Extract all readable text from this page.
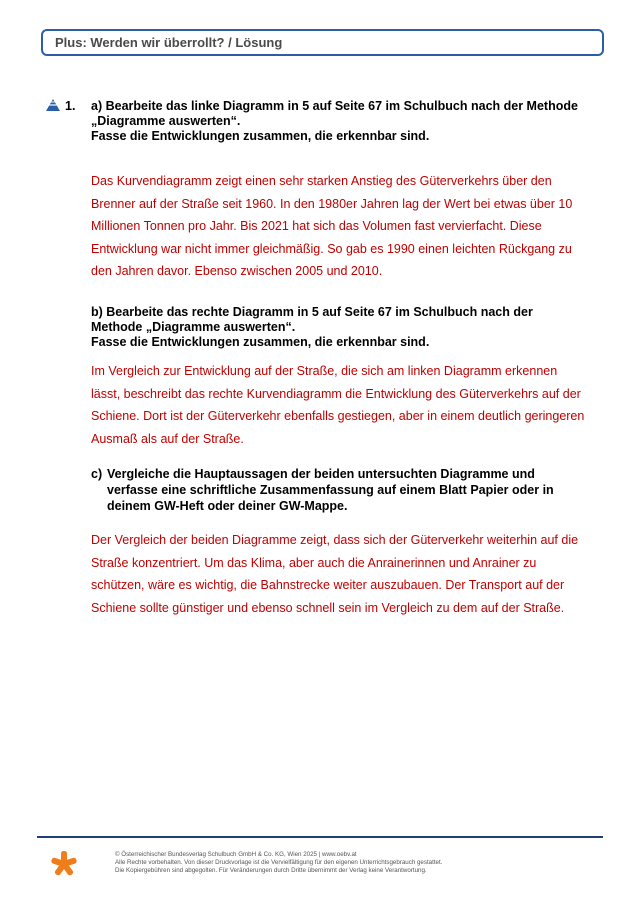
Plus: Werden wir überrollt? / Lösung
1. a) Bearbeite das linke Diagramm in 5 auf Seite 67 im Schulbuch nach der Methode

„Diagramme auswerten“.

Fasse die Entwicklungen zusammen, die erkennbar sind.

Das Kurvendiagramm zeigt einen sehr starken Anstieg des Güterverkehrs über den

Brenner auf der Straße seit 1960. In den 1980er Jahren lag der Wert bei etwas über 10

Millionen Tonnen pro Jahr. Bis 2021 hat sich das Volumen fast vervierfacht. Diese

Entwicklung war nicht immer gleichmäßig. So gab es 1990 einen leichten Rückgang zu

den Jahren davor. Ebenso zwischen 2005 und 2010.

b) Bearbeite das rechte Diagramm in 5 auf Seite 67 im Schulbuch nach der

Methode „Diagramme auswerten“.

Fasse die Entwicklungen zusammen, die erkennbar sind.

Im Vergleich zur Entwicklung auf der Straße, die sich am linken Diagramm erkennen

lässt, beschreibt das rechte Kurvendiagramm die Entwicklung des Güterverkehrs auf der

Schiene. Dort ist der Güterverkehr ebenfalls gestiegen, aber in einem deutlich geringeren

Ausmaß als auf der Straße.

c) Vergleiche die Hauptaussagen der beiden untersuchten Diagramme und

verfasse eine schriftliche Zusammenfassung auf einem Blatt Papier oder in

deinem GW-Heft oder deiner GW-Mappe.

Der Vergleich der beiden Diagramme zeigt, dass sich der Güterverkehr weiterhin auf die

Straße konzentriert. Um das Klima, aber auch die Anrainerinnen und Anrainer zu

schützen, wäre es wichtig, die Bahnstrecke weiter auszubauen. Der Transport auf der

Schiene sollte günstiger und ebenso schnell sein im Vergleich zu dem auf der Straße.

© Österreichischer Bundesverlag Schulbuch GmbH & Co. KG, Wien 2025 | www.oebv.at

Alle Rechte vorbehalten. Von dieser Druckvorlage ist die Vervielfältigung für den eigenen Unterrichtsgebrauch gestattet.

Die Kopiergebühren sind abgegolten. Für Veränderungen durch Dritte übernimmt der Verlag keine Verantwortung.
